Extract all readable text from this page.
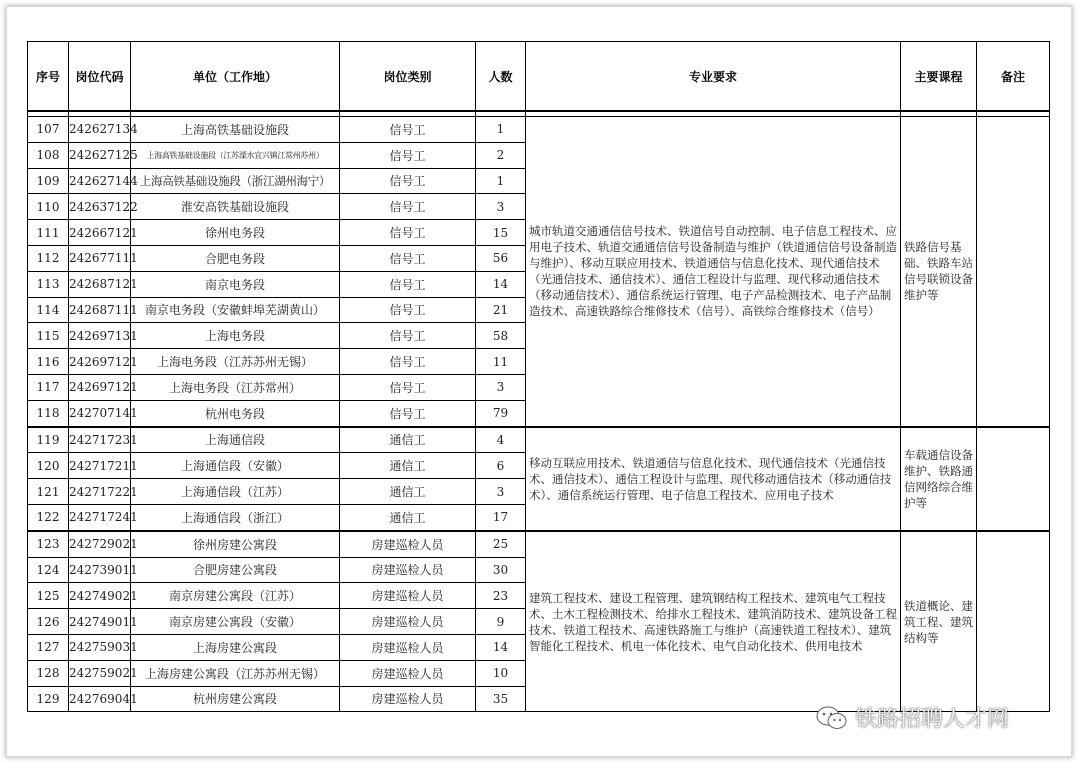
序号	岗位代码	单位（工作地）	岗位类别	人数	专业要求	主要课程	备注

107	242627134	上海高铁基础设施段	信号工	1	城市轨道交通通信信号技术、铁道信号自动控制、电子信息工程技术、应用电子技术、轨道交通通信信号设备制造与维护（铁道通信信号设备制造与维护）、移动互联应用技术、铁道通信与信息化技术、现代通信技术（光通信技术、通信技术）、通信工程设计与监理、现代移动通信技术（移动通信技术）、通信系统运行管理、电子产品检测技术、电子产品制造技术、高速铁路综合维修技术（信号）、高铁综合维修技术（信号）	铁路信号基础、铁路车站信号联锁设备维护等	
108	242627125	上海高铁基础设施段（江苏溧水宜兴镇江常州苏州）	信号工	2			
109	242627144	上海高铁基础设施段（浙江湖州海宁）	信号工	1			
110	242637122	淮安高铁基础设施段	信号工	3			
111	242667121	徐州电务段	信号工	15			
112	242677111	合肥电务段	信号工	56			
113	242687121	南京电务段	信号工	14			
114	242687111	南京电务段（安徽蚌埠芜湖黄山）	信号工	21			
115	242697131	上海电务段	信号工	58			
116	242697121	上海电务段（江苏苏州无锡）	信号工	11			
117	242697121	上海电务段（江苏常州）	信号工	3			
118	242707141	杭州电务段	信号工	79			
119	242717231	上海通信段	通信工	4	移动互联应用技术、铁道通信与信息化技术、现代通信技术（光通信技术、通信技术）、通信工程设计与监理、现代移动通信技术（移动通信技术）、通信系统运行管理、电子信息工程技术、应用电子技术	车载通信设备维护、铁路通信网络综合维护等	
120	242717211	上海通信段（安徽）	通信工	6			
121	242717221	上海通信段（江苏）	通信工	3			
122	242717241	上海通信段（浙江）	通信工	17			
123	242729021	徐州房建公寓段	房建巡检人员	25	建筑工程技术、建设工程管理、建筑钢结构工程技术、建筑电气工程技术、土木工程检测技术、给排水工程技术、建筑消防技术、建筑设备工程技术、铁道工程技术、高速铁路施工与维护（高速铁道工程技术）、建筑智能化工程技术、机电一体化技术、电气自动化技术、供用电技术	铁道概论、建筑工程、建筑结构等	
124	242739011	合肥房建公寓段	房建巡检人员	30			
125	242749021	南京房建公寓段（江苏）	房建巡检人员	23			
126	242749011	南京房建公寓段（安徽）	房建巡检人员	9			
127	242759031	上海房建公寓段	房建巡检人员	14			
128	242759021	上海房建公寓段（江苏苏州无锡）	房建巡检人员	10			
129	242769041	杭州房建公寓段	房建巡检人员	35			
铁路招聘人才网
